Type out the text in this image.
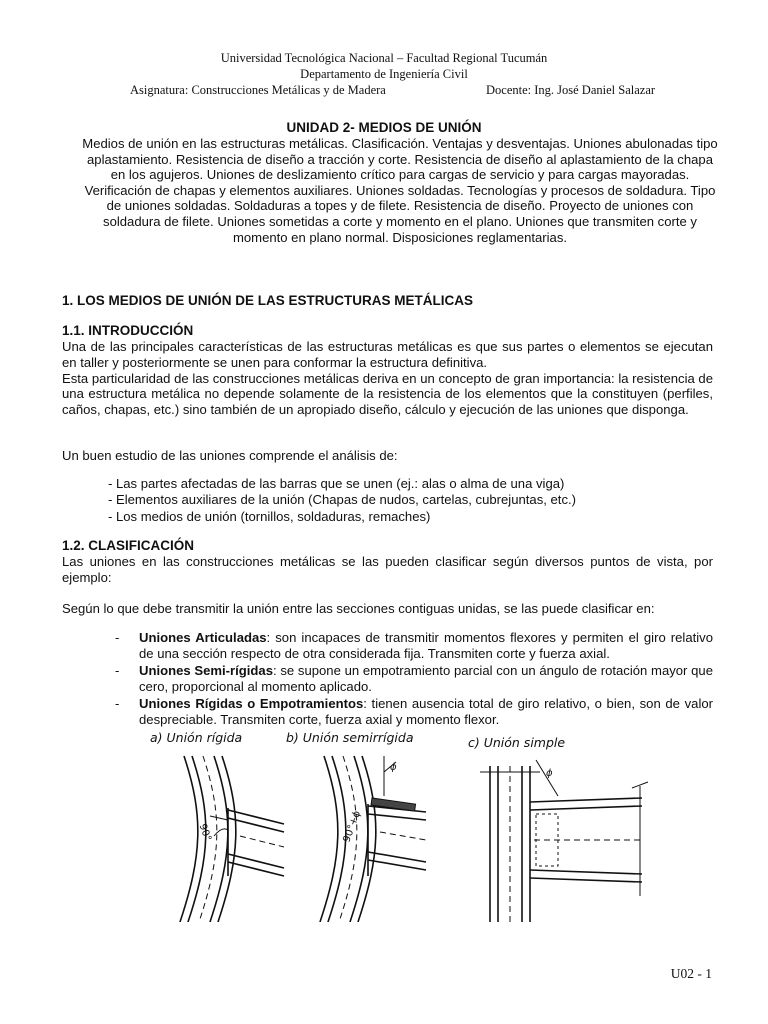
Universidad Tecnológica Nacional – Facultad Regional Tucumán
Departamento de Ingeniería Civil
Asignatura: Construcciones Metálicas y de Madera	Docente: Ing. José Daniel Salazar
UNIDAD 2- MEDIOS DE UNIÓN
Medios de unión en las estructuras metálicas. Clasificación. Ventajas y desventajas. Uniones abulonadas tipo aplastamiento. Resistencia de diseño a tracción y corte. Resistencia de diseño al aplastamiento de la chapa en los agujeros. Uniones de deslizamiento crítico para cargas de servicio y para cargas mayoradas. Verificación de chapas y elementos auxiliares. Uniones soldadas. Tecnologías y procesos de soldadura. Tipo de uniones soldadas. Soldaduras a topes y de filete. Resistencia de diseño. Proyecto de uniones con soldadura de filete. Uniones sometidas a corte y momento en el plano. Uniones que transmiten corte y momento en plano normal. Disposiciones reglamentarias.
1. LOS MEDIOS DE UNIÓN DE LAS ESTRUCTURAS METÁLICAS
1.1. INTRODUCCIÓN

Una de las principales características de las estructuras metálicas es que sus partes o elementos se ejecutan en taller y posteriormente se unen para conformar la estructura definitiva.

Esta particularidad de las construcciones metálicas deriva en un concepto de gran importancia: la resistencia de una estructura metálica no depende solamente de la resistencia de los elementos que la constituyen (perfiles, caños, chapas, etc.) sino también de un apropiado diseño, cálculo y ejecución de las uniones que disponga.

Un buen estudio de las uniones comprende el análisis de:
- Las partes afectadas de las barras que se unen (ej.: alas o alma de una viga)
- Elementos auxiliares de la unión (Chapas de nudos, cartelas, cubrejuntas, etc.)
- Los medios de unión (tornillos, soldaduras, remaches)
1.2. CLASIFICACIÓN
Las uniones en las construcciones metálicas se las pueden clasificar según diversos puntos de vista, por ejemplo:
Según lo que debe transmitir la unión entre las secciones contiguas unidas, se las puede clasificar en:
- Uniones Articuladas: son incapaces de transmitir momentos flexores y permiten el giro relativo de una sección respecto de otra considerada fija. Transmiten corte y fuerza axial.
- Uniones Semi-rígidas: se supone un empotramiento parcial con un ángulo de rotación mayor que cero, proporcional al momento aplicado.
- Uniones Rígidas o Empotramientos: tienen ausencia total de giro relativo, o bien, son de valor despreciable. Transmiten corte, fuerza axial y momento flexor.
a) Unión rígida	b) Unión semirrígida	c) Unión simple
90°
ϕ
90°+ϕ
ϕ
U02 - 1
